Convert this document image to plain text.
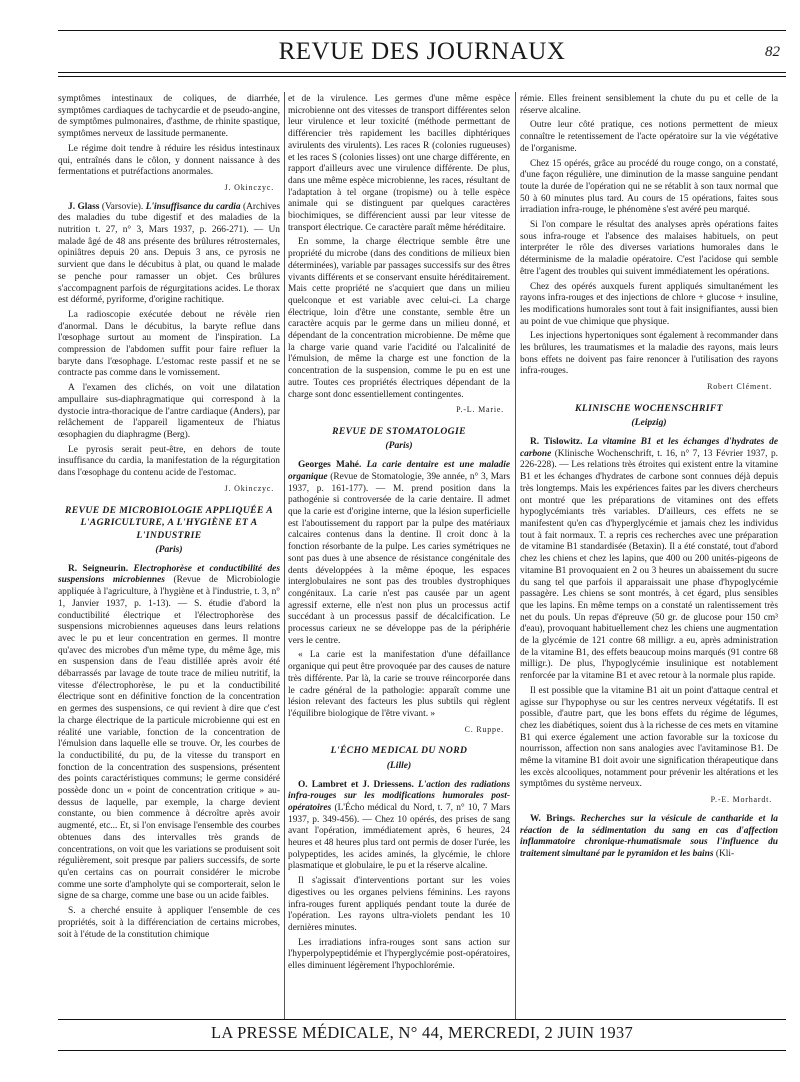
REVUE DES JOURNAUX	82

symptômes intestinaux de coliques, de diarrhée, symptômes cardiaques de tachycardie et de pseudo-angine, de symptômes pulmonaires, d'asthme, de rhinite spastique, symptômes nerveux de lassitude permanente.

Le régime doit tendre à réduire les résidus intestinaux qui, entraînés dans le côlon, y donnent naissance à des fermentations et putréfactions anormales.

J. Okinczyc.

J. Glass (Varsovie). L'insuffisance du cardia (Archives des maladies du tube digestif et des maladies de la nutrition t. 27, n° 3, Mars 1937, p. 266-271). — Un malade âgé de 48 ans présente des brûlures rétrosternales, opiniâtres depuis 20 ans. Depuis 3 ans, ce pyrosis ne survient que dans le décubitus à plat, ou quand le malade se penche pour ramasser un objet. Ces brûlures s'accompagnent parfois de régurgitations acides. Le thorax est déformé, pyriforme, d'origine rachitique.

La radioscopie exécutée debout ne révèle rien d'anormal. Dans le décubitus, la baryte reflue dans l'œsophage surtout au moment de l'inspiration. La compression de l'abdomen suffit pour faire refluer la baryte dans l'œsophage. L'estomac reste passif et ne se contracte pas comme dans le vomissement.

A l'examen des clichés, on voit une dilatation ampullaire sus-diaphragmatique qui correspond à la dystocie intra-thoracique de l'antre cardiaque (Anders), par relâchement de l'appareil ligamenteux de l'hiatus œsophagien du diaphragme (Berg).

Le pyrosis serait peut-être, en dehors de toute insuffisance du cardia, la manifestation de la régurgitation dans l'œsophage du contenu acide de l'estomac.

J. Okinczyc.
REVUE DE MICROBIOLOGIE APPLIQUÉE A L'AGRICULTURE, A L'HYGIÈNE ET A L'INDUSTRIE
(Paris)

R. Seigneurin. Electrophorèse et conductibilité des suspensions microbiennes (Revue de Microbiologie appliquée à l'agriculture, à l'hygiène et à l'industrie, t. 3, n° 1, Janvier 1937, p. 1-13). — S. étudie d'abord la conductibilité électrique et l'électrophorèse des suspensions microbiennes aqueuses dans leurs relations avec le pu et leur concentration en germes. Il montre qu'avec des microbes d'un même type, du même âge, mis en suspension dans de l'eau distillée après avoir été débarrassés par lavage de toute trace de milieu nutritif, la vitesse d'électrophorèse, le pu et la conductibilité électrique sont en définitive fonction de la concentration en germes des suspensions, ce qui revient à dire que c'est la charge électrique de la particule microbienne qui est en réalité une variable, fonction de la concentration de l'émulsion dans laquelle elle se trouve. Or, les courbes de la conductibilité, du pu, de la vitesse du transport en fonction de la concentration des suspensions, présentent des points caractéristiques communs; le germe considéré possède donc un « point de concentration critique » au-dessus de laquelle, par exemple, la charge devient constante, ou bien commence à décroître après avoir augmenté, etc... Et, si l'on envisage l'ensemble des courbes obtenues dans des intervalles très grands de concentrations, on voit que les variations se produisent soit régulièrement, soit presque par paliers successifs, de sorte qu'en certains cas on pourrait considérer le microbe comme une sorte d'ampholyte qui se comporterait, selon le signe de sa charge, comme une base ou un acide faibles.

S. a cherché ensuite à appliquer l'ensemble de ces propriétés, soit à la différenciation de certains microbes, soit à l'étude de la constitution chimique

et de la virulence. Les germes d'une même espèce microbienne ont des vitesses de transport différentes selon leur virulence et leur toxicité (méthode permettant de différencier très rapidement les bacilles diphtériques avirulents des virulents). Les races R (colonies rugueuses) et les races S (colonies lisses) ont une charge différente, en rapport d'ailleurs avec une virulence différente. De plus, dans une même espèce microbienne, les races, résultant de l'adaptation à tel organe (tropisme) ou à telle espèce animale qui se distinguent par quelques caractères biochimiques, se différencient aussi par leur vitesse de transport électrique. Ce caractère paraît même héréditaire.

En somme, la charge électrique semble être une propriété du microbe (dans des conditions de milieux bien déterminées), variable par passages successifs sur des êtres vivants différents et se conservant ensuite héréditairement. Mais cette propriété ne s'acquiert que dans un milieu quelconque et est variable avec celui-ci. La charge électrique, loin d'être une constante, semble être un caractère acquis par le germe dans un milieu donné, et dépendant de la concentration microbienne. De même que la charge varie quand varie l'acidité ou l'alcalinité de l'émulsion, de même la charge est une fonction de la concentration de la suspension, comme le pu en est une autre. Toutes ces propriétés électriques dépendant de la charge sont donc essentiellement contingentes.

P.-L. Marie.
REVUE DE STOMATOLOGIE
(Paris)

Georges Mahé. La carie dentaire est une maladie organique (Revue de Stomatologie, 39e année, n° 3, Mars 1937, p. 161-177). — M. prend position dans la pathogénie si controversée de la carie dentaire. Il admet que la carie est d'origine interne, que la lésion superficielle est l'aboutissement du rapport par la pulpe des matériaux calcaires contenus dans la dentine. Il croit donc à la fonction résorbante de la pulpe. Les caries symétriques ne sont pas dues à une absence de résistance congénitale des dents développées à la même époque, les espaces interglobulaires ne sont pas des troubles dystrophiques congénitaux. La carie n'est pas causée par un agent agressif externe, elle n'est non plus un processus actif succédant à un processus passif de décalcification. Le processus carieux ne se développe pas de la périphérie vers le centre.

« La carie est la manifestation d'une défaillance organique qui peut être provoquée par des causes de nature très différente. Par là, la carie se trouve réincorporée dans le cadre général de la pathologie: apparaît comme une lésion relevant des facteurs les plus subtils qui règlent l'équilibre biologique de l'être vivant. »

C. Ruppe.
L'ÉCHO MEDICAL DU NORD
(Lille)

O. Lambret et J. Driessens. L'action des radiations infra-rouges sur les modifications humorales post-opératoires (L'Écho médical du Nord, t. 7, n° 10, 7 Mars 1937, p. 349-456). — Chez 10 opérés, des prises de sang avant l'opération, immédiatement après, 6 heures, 24 heures et 48 heures plus tard ont permis de doser l'urée, les polypeptides, les acides aminés, la glycémie, le chlore plasmatique et globulaire, le pu et la réserve alcaline.

Il s'agissait d'interventions portant sur les voies digestives ou les organes pelviens féminins. Les rayons infra-rouges furent appliqués pendant toute la durée de l'opération. Les rayons ultra-violets pendant les 10 dernières minutes.

Les irradiations infra-rouges sont sans action sur l'hyperpolypeptidémie et l'hyperglycémie post-opératoires, elles diminuent légèrement l'hypochlorémie.

rémie. Elles freinent sensiblement la chute du pu et celle de la réserve alcaline.

Outre leur côté pratique, ces notions permettent de mieux connaître le retentissement de l'acte opératoire sur la vie végétative de l'organisme.

Chez 15 opérés, grâce au procédé du rouge congo, on a constaté, d'une façon régulière, une diminution de la masse sanguine pendant toute la durée de l'opération qui ne se rétablit à son taux normal que 50 à 60 minutes plus tard. Au cours de 15 opérations, faites sous irradiation infra-rouge, le phénomène s'est avéré peu marqué.

Si l'on compare le résultat des analyses après opérations faites sous infra-rouge et l'absence des malaises habituels, on peut interpréter le rôle des diverses variations humorales dans le déterminisme de la maladie opératoire. C'est l'acidose qui semble être l'agent des troubles qui suivent immédiatement les opérations.

Chez des opérés auxquels furent appliqués simultanément les rayons infra-rouges et des injections de chlore + glucose + insuline, les modifications humorales sont tout à fait insignifiantes, aussi bien au point de vue chimique que physique.

Les injections hypertoniques sont également à recommander dans les brûlures, les traumatismes et la maladie des rayons, mais leurs bons effets ne doivent pas faire renoncer à l'utilisation des rayons infra-rouges.

Robert Clément.
KLINISCHE WOCHENSCHRIFT
(Leipzig)

R. Tislowitz. La vitamine B1 et les échanges d'hydrates de carbone (Klinische Wochenschrift, t. 16, n° 7, 13 Février 1937, p. 226-228). — Les relations très étroites qui existent entre la vitamine B1 et les échanges d'hydrates de carbone sont connues déjà depuis très longtemps. Mais les expériences faites par les divers chercheurs ont montré que les préparations de vitamines ont des effets hypoglycémiants très variables. D'ailleurs, ces effets ne se manifestent qu'en cas d'hyperglycémie et jamais chez les individus tout à fait normaux. T. a repris ces recherches avec une préparation de vitamine B1 standardisée (Betaxin). Il a été constaté, tout d'abord chez les chiens et chez les lapins, que 400 ou 200 unités-pigeons de vitamine B1 provoquaient en 2 ou 3 heures un abaissement du sucre du sang tel que parfois il apparaissait une phase d'hypoglycémie passagère. Les chiens se sont montrés, à cet égard, plus sensibles que les lapins. En même temps on a constaté un ralentissement très net du pouls. Un repas d'épreuve (50 gr. de glucose pour 150 cm³ d'eau), provoquant habituellement chez les chiens une augmentation de la glycémie de 121 contre 68 milligr. a eu, après administration de la vitamine B1, des effets beaucoup moins marqués (91 contre 68 milligr.). De plus, l'hypoglycémie insulinique est notablement renforcée par la vitamine B1 et avec retour à la normale plus rapide.

Il est possible que la vitamine B1 ait un point d'attaque central et agisse sur l'hypophyse ou sur les centres nerveux végétatifs. Il est possible, d'autre part, que les bons effets du régime de légumes, chez les diabétiques, soient dus à la richesse de ces mets en vitamine B1 qui exerce également une action favorable sur la toxicose du nourrisson, affection non sans analogies avec l'avitaminose B1. De même la vitamine B1 doit avoir une signification thérapeutique dans les excès alcooliques, notamment pour prévenir les altérations et les symptômes du système nerveux.

P.-E. Morhardt.

W. Brings. Recherches sur la vésicule de cantharide et la réaction de la sédimentation du sang en cas d'affection inflammatoire chronique-rhumatismale sous l'influence du traitement simultané par le pyramidon et les bains (Kli-

LA PRESSE MÉDICALE, N° 44, MERCREDI, 2 JUIN 1937
